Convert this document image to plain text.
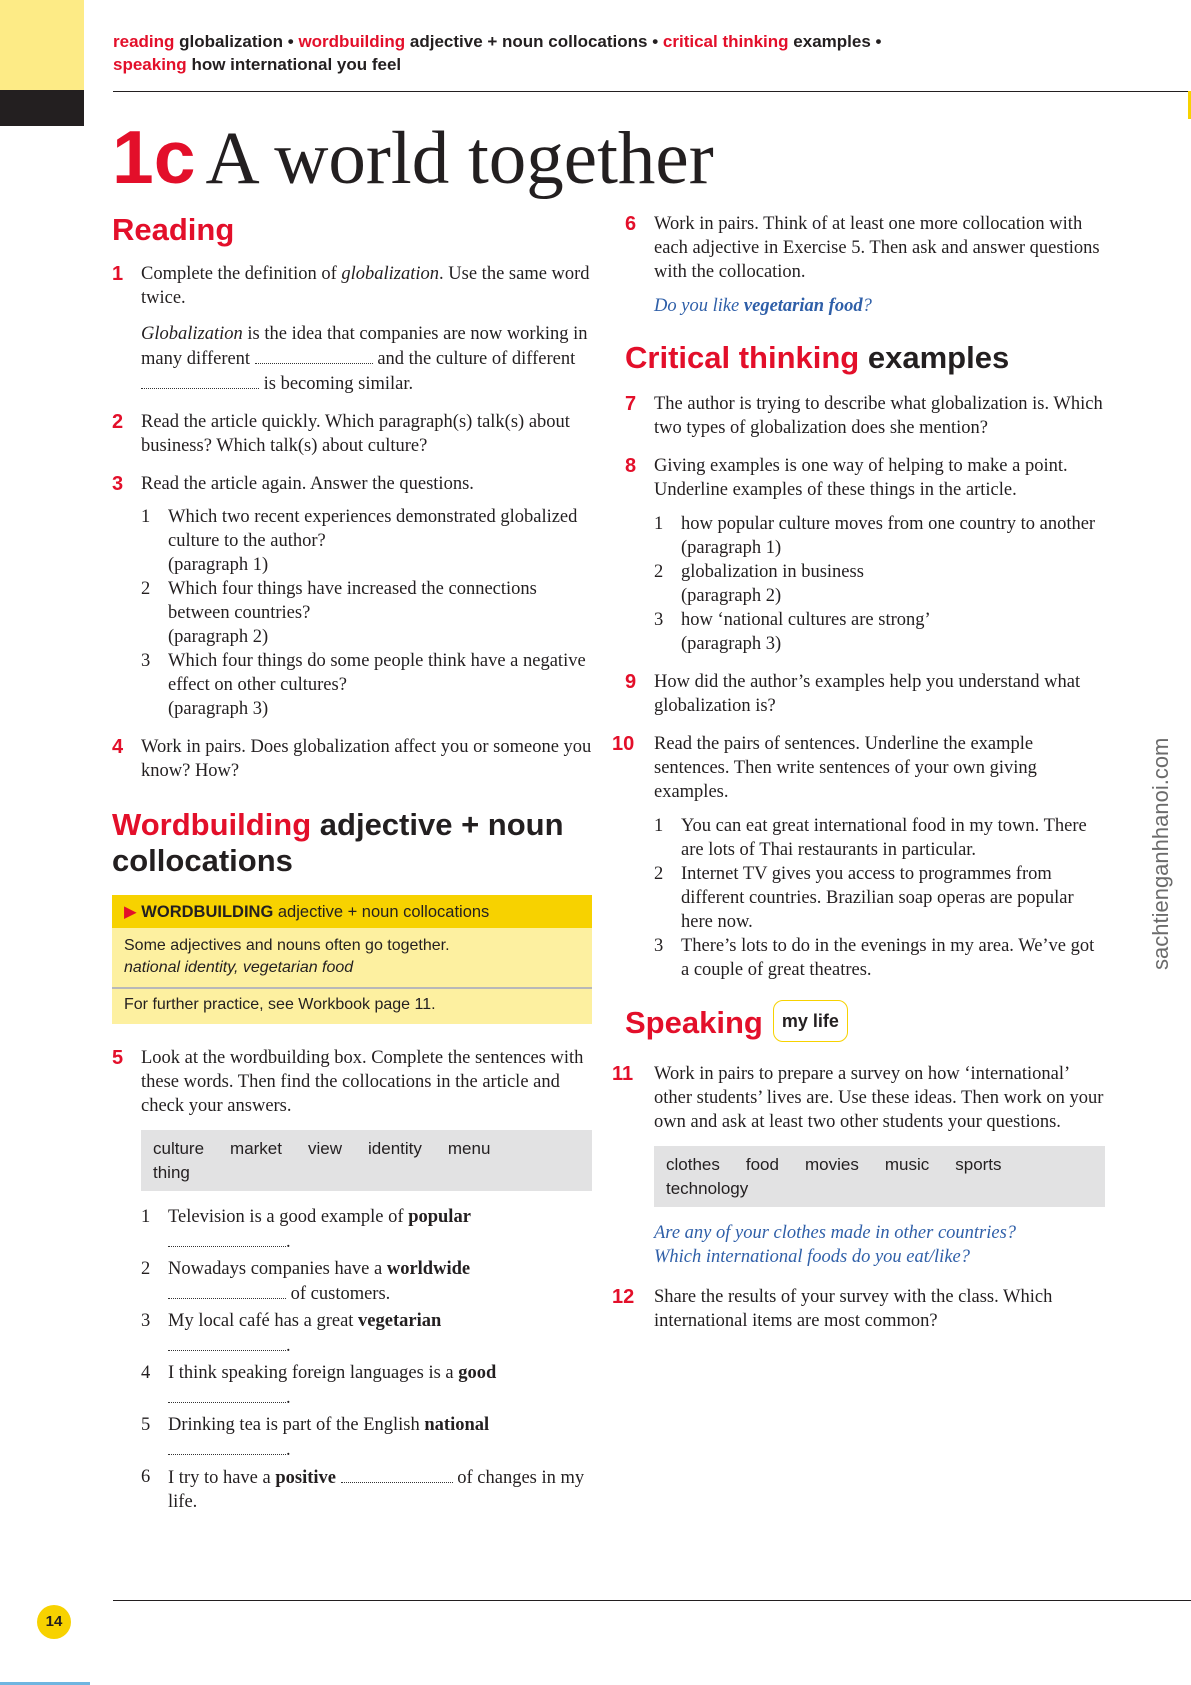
reading globalization • wordbuilding adjective + noun collocations • critical thinking examples •
speaking how international you feel
1c A world together
Reading
1 Complete the definition of globalization. Use the same word twice.
Globalization is the idea that companies are now working in many different	and the culture of different  is becoming similar.
2 Read the article quickly. Which paragraph(s) talk(s) about business? Which talk(s) about culture?
3 Read the article again. Answer the questions.
1 Which two recent experiences demonstrated globalized culture to the author?
(paragraph 1)
2 Which four things have increased the connections between countries?
(paragraph 2)
3 Which four things do some people think have a negative effect on other cultures?
(paragraph 3)
4 Work in pairs. Does globalization affect you or someone you know? How?
Wordbuilding adjective + noun collocations
▶ WORDBUILDING adjective + noun collocations
Some adjectives and nouns often go together.
national identity, vegetarian food
For further practice, see Workbook page 11.
5 Look at the wordbuilding box. Complete the sentences with these words. Then find the collocations in the article and check your answers.
culture market view identity menu
thing
1 Television is a good example of popular
.
2 Nowadays companies have a worldwide
of customers.
3 My local café has a great vegetarian
.
4 I think speaking foreign languages is a good
.
5 Drinking tea is part of the English national
.
6 I try to have a positive	of changes in my life.
6 Work in pairs. Think of at least one more collocation with each adjective in Exercise 5. Then ask and answer questions with the collocation.
Do you like vegetarian food?
Critical thinking examples
7 The author is trying to describe what globalization is. Which two types of globalization does she mention?
8 Giving examples is one way of helping to make a point. Underline examples of these things in the article.
1 how popular culture moves from one country to another
(paragraph 1)
2 globalization in business
(paragraph 2)
3 how ‘national cultures are strong’
(paragraph 3)
9 How did the author’s examples help you understand what globalization is?
10 Read the pairs of sentences. Underline the example sentences. Then write sentences of your own giving examples.
1 You can eat great international food in my town. There are lots of Thai restaurants in particular.
2 Internet TV gives you access to programmes from different countries. Brazilian soap operas are popular here now.
3 There’s lots to do in the evenings in my area. We’ve got a couple of great theatres.
Speaking my life
11 Work in pairs to prepare a survey on how ‘international’ other students’ lives are. Use these ideas. Then work on your own and ask at least two other students your questions.
clothes food movies music sports
technology
Are any of your clothes made in other countries?
Which international foods do you eat/like?
12 Share the results of your survey with the class. Which international items are most common?
sachtienganhhanoi.com
14
